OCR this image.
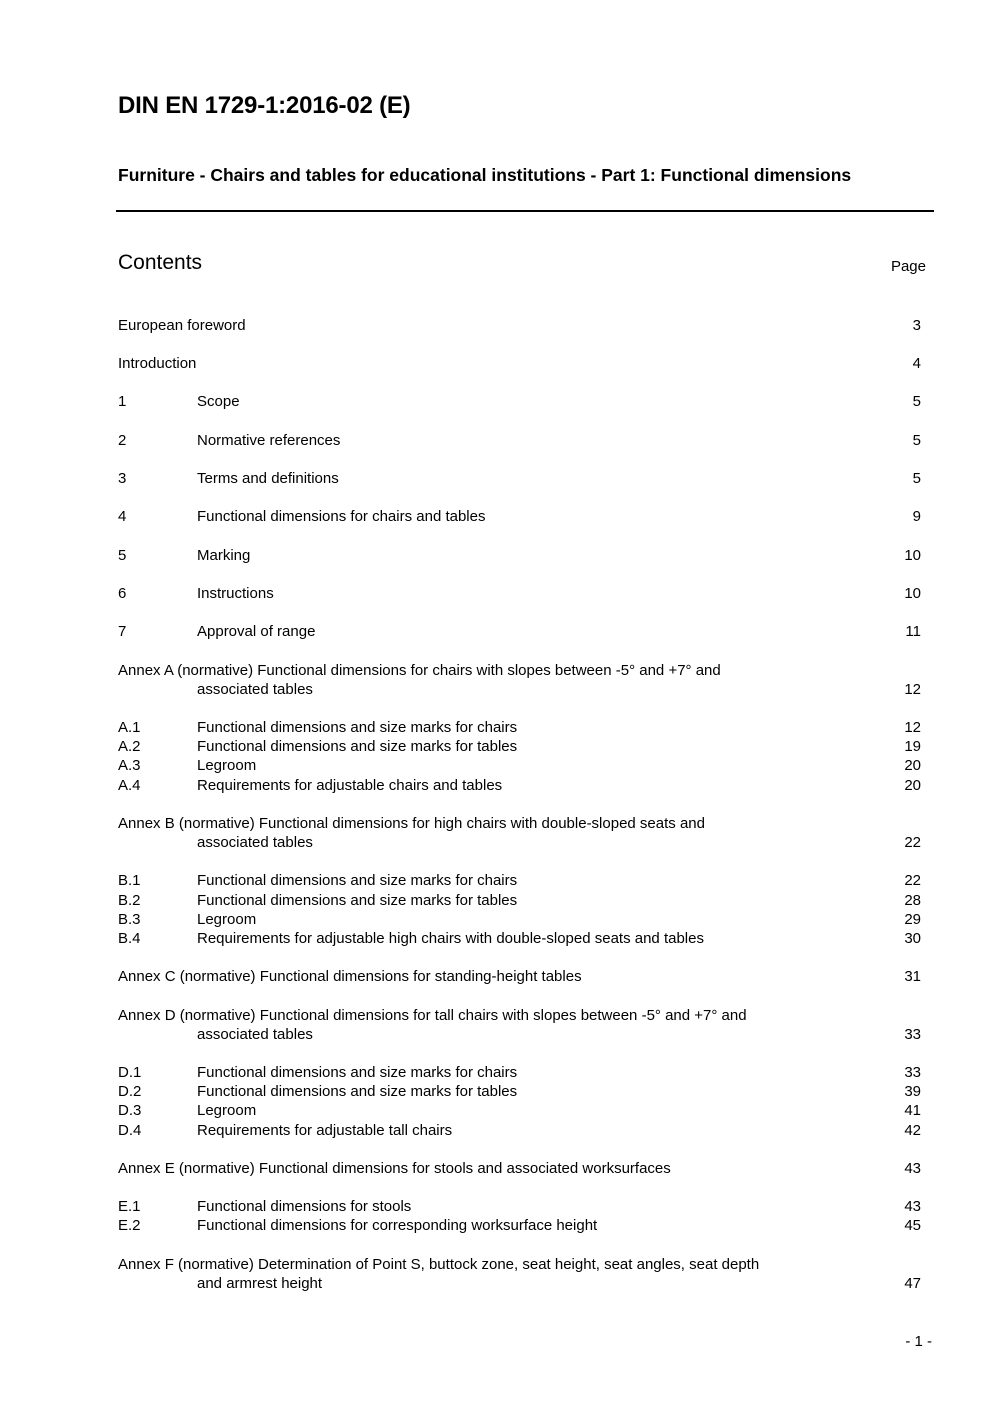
DIN EN 1729-1:2016-02 (E)
Furniture - Chairs and tables for educational institutions - Part 1: Functional dimensions
Contents	Page
European foreword	3
Introduction	4
1	Scope	5
2	Normative references	5
3	Terms and definitions	5
4	Functional dimensions for chairs and tables	9
5	Marking	10
6	Instructions	10
7	Approval of range	11
Annex A (normative) Functional dimensions for chairs with slopes between -5° and +7° and
associated tables	12
A.1	Functional dimensions and size marks for chairs	12
A.2	Functional dimensions and size marks for tables	19
A.3	Legroom	20
A.4	Requirements for adjustable chairs and tables	20
Annex B (normative) Functional dimensions for high chairs with double-sloped seats and
associated tables	22
B.1	Functional dimensions and size marks for chairs	22
B.2	Functional dimensions and size marks for tables	28
B.3	Legroom	29
B.4	Requirements for adjustable high chairs with double-sloped seats and tables	30
Annex C (normative) Functional dimensions for standing-height tables	31
Annex D (normative) Functional dimensions for tall chairs with slopes between -5° and +7° and
associated tables	33
D.1	Functional dimensions and size marks for chairs	33
D.2	Functional dimensions and size marks for tables	39
D.3	Legroom	41
D.4	Requirements for adjustable tall chairs	42
Annex E (normative) Functional dimensions for stools and associated worksurfaces	43
E.1	Functional dimensions for stools	43
E.2	Functional dimensions for corresponding worksurface height	45
Annex F (normative) Determination of Point S, buttock zone, seat height, seat angles, seat depth
and armrest height	47
- 1 -
